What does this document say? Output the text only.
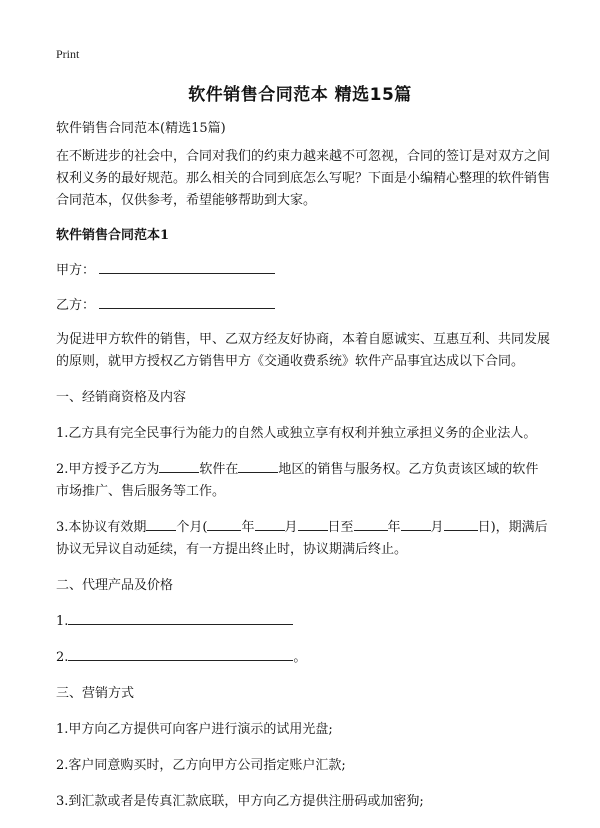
Print
软件销售合同范本 精选15篇

软件销售合同范本(精选15篇)

在不断进步的社会中，合同对我们的约束力越来越不可忽视，合同的签订是对双方之间权利义务的最好规范。那么相关的合同到底怎么写呢？下面是小编精心整理的软件销售合同范本，仅供参考，希望能够帮助到大家。

软件销售合同范本1

甲方：

乙方：

为促进甲方软件的销售，甲、乙双方经友好协商，本着自愿诚实、互惠互利、共同发展的原则，就甲方授权乙方销售甲方《交通收费系统》软件产品事宜达成以下合同。

一、经销商资格及内容

1.乙方具有完全民事行为能力的自然人或独立享有权利并独立承担义务的企业法人。

2.甲方授予乙方为	软件在	地区的销售与服务权。乙方负责该区域的软件市场推广、售后服务等工作。

3.本协议有效期 个月(	年 月 日至	年 月	日)，期满后协议无异议自动延续，有一方提出终止时，协议期满后终止。

二、代理产品及价格

1.

2.	。

三、营销方式

1.甲方向乙方提供可向客户进行演示的试用光盘;

2.客户同意购买时，乙方向甲方公司指定账户汇款;

3.到汇款或者是传真汇款底联，甲方向乙方提供注册码或加密狗;
